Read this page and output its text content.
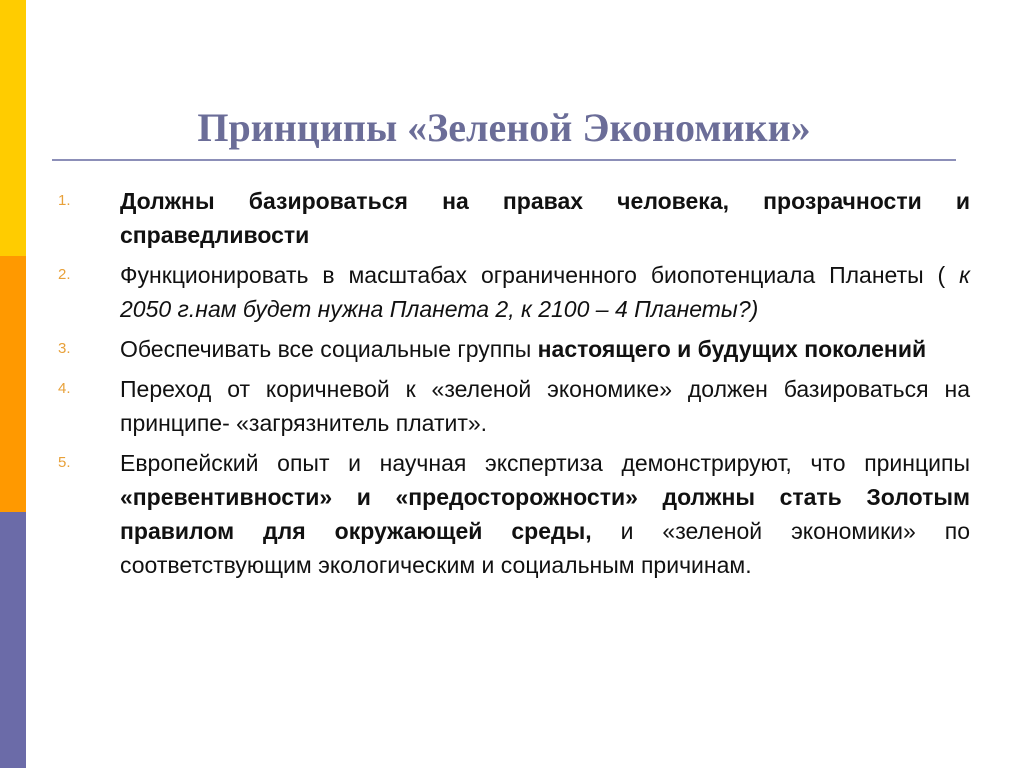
Принципы «Зеленой Экономики»
1. Должны базироваться на правах человека, прозрачности и справедливости
2. Функционировать в масштабах ограниченного биопотенциала Планеты ( к 2050 г.нам будет нужна Планета 2, к 2100 – 4 Планеты?)
3. Обеспечивать все социальные группы настоящего и будущих поколений
4. Переход от коричневой к «зеленой экономике» должен базироваться на принципе- «загрязнитель платит».
5. Европейский опыт и научная экспертиза демонстрируют, что принципы «превентивности» и «предосторожности» должны стать Золотым правилом для окружающей среды, и «зеленой экономики» по соответствующим экологическим и социальным причинам.
